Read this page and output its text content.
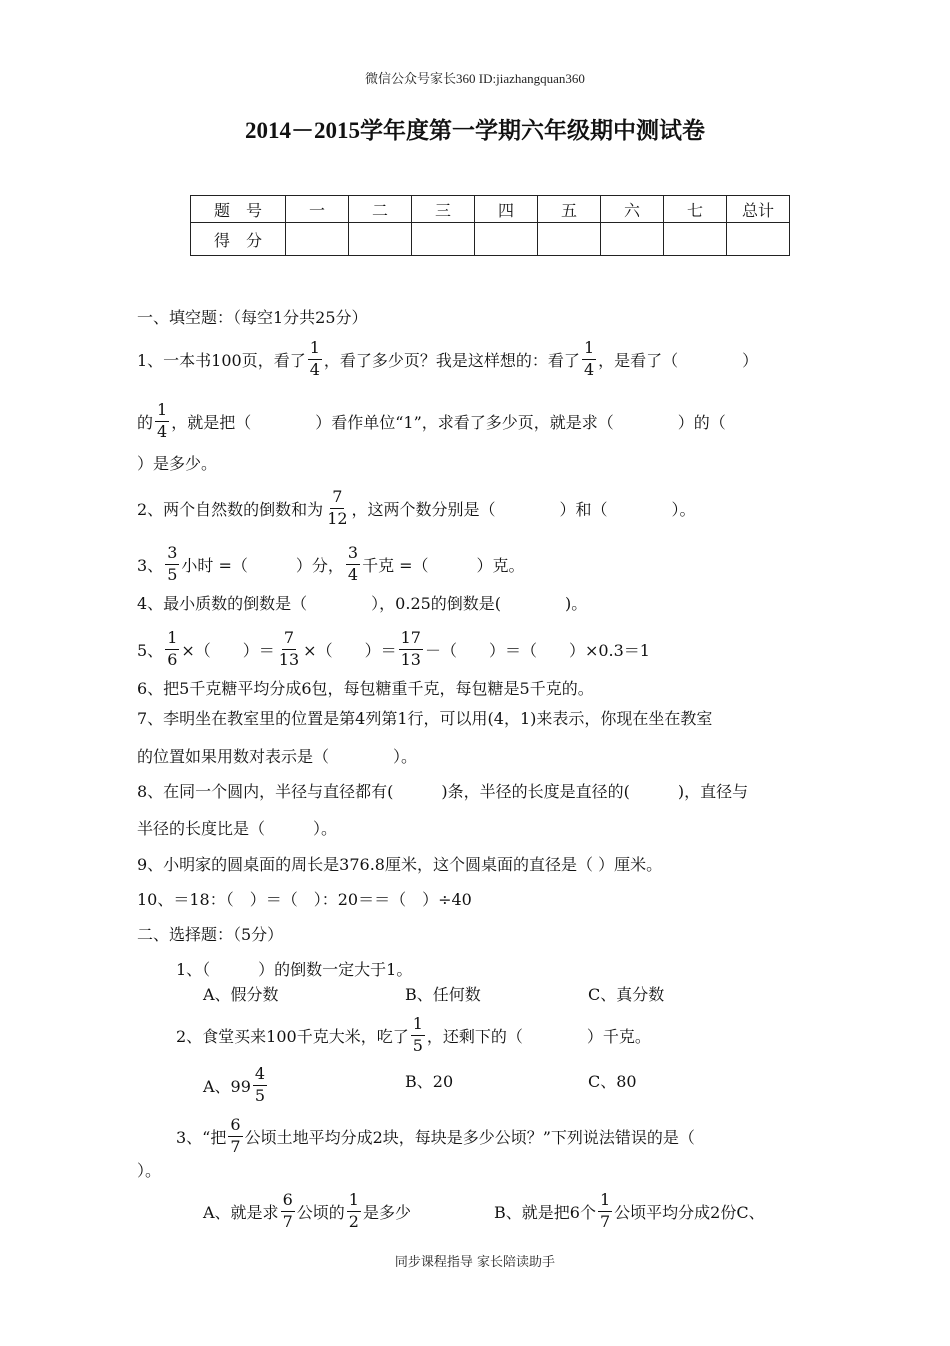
微信公众号家长360 ID:jiazhangquan360
2014－2015学年度第一学期六年级期中测试卷
题　号	一	二	三	四	五	六	七	总计
得　分								
一、填空题：（每空1分共25分）
1、一本书100页，看了 $\frac{1}{4}$ ，看了多少页？我是这样想的：看了 $\frac{1}{4}$ ，是看了（　　　　）
的 $\frac{1}{4}$ ，就是把（　　　　）看作单位“1”，求看了多少页，就是求（　　　　）的（
）是多少。
2、两个自然数的倒数和为 $\frac{7}{12}$ ，这两个数分别是（　　　　）和（　　　　）。
3、 $\frac{3}{5}$ 小时 =（　　　）分， $\frac{3}{4}$ 千克 =（　　　）克。
4、最小质数的倒数是（　　　　），0.25的倒数是(　　　　)。
5、 $\frac{1}{6}$ ×（　　）＝ $\frac{7}{13}$ ×（　　）＝ $\frac{17}{13}$ －（　　）＝（　　）×0.3＝1
6、把5千克糖平均分成6包，每包糖重千克，每包糖是5千克的。
7、李明坐在教室里的位置是第4列第1行，可以用(4，1)来表示，你现在坐在教室
的位置如果用数对表示是（　　　　）。
8、在同一个圆内，半径与直径都有(　　　)条，半径的长度是直径的(　　　)，直径与
半径的长度比是（　　　）。
9、小明家的圆桌面的周长是376.8厘米，这个圆桌面的直径是（ ）厘米。
10、＝18：（　）＝（　）：20＝＝（　）÷40
二、选择题：（5分）
1、（　　　）的倒数一定大于1。
A、假分数	B、任何数	C、真分数
2、食堂买来100千克大米，吃了 $\frac{1}{5}$ ，还剩下的（　　　　）千克。
A、$99 \frac{4}{5}$	B、20	C、80
3、“把 $\frac{6}{7}$ 公顷土地平均分成2块，每块是多少公顷？”下列说法错误的是（
）。
A、就是求 $\frac{6}{7}$ 公顷的 $\frac{1}{2}$ 是多少	B、就是把6个 $\frac{1}{7}$ 公顷平均分成2份C、
同步课程指导 家长陪读助手
